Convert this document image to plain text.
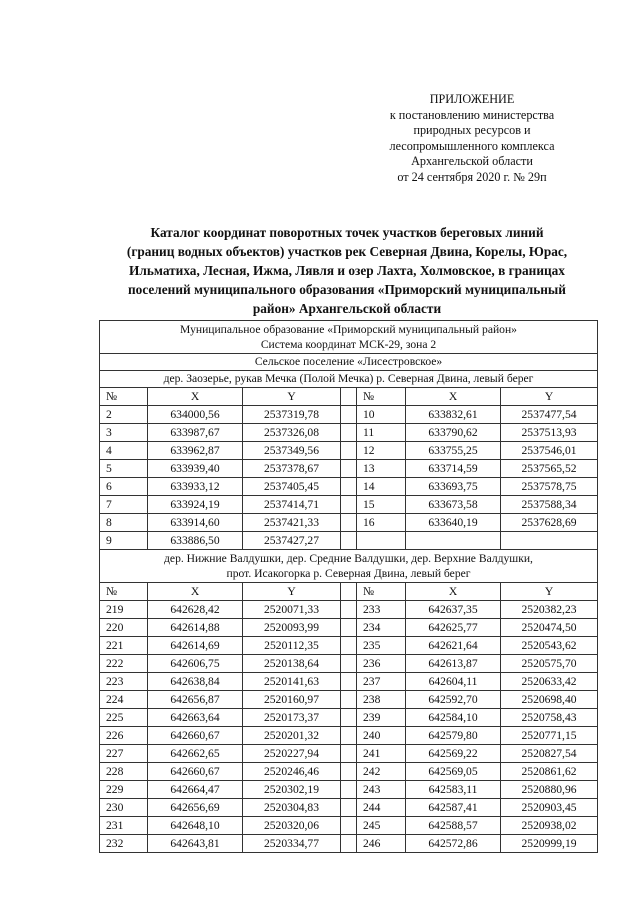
ПРИЛОЖЕНИЕ
к постановлению министерства
природных ресурсов и
лесопромышленного комплекса
Архангельской области
от 24 сентября 2020 г. № 29п
Каталог координат поворотных точек участков береговых линий
(границ водных объектов) участков рек Северная Двина, Корелы, Юрас,
Ильматиха, Лесная, Ижма, Лявля и озер Лахта, Холмовское, в границах
поселений муниципального образования «Приморский муниципальный
район» Архангельской области
Муниципальное образование «Приморский муниципальный район»
Система координат МСК-29, зона 2						

Сельское поселение «Лисестровское»						

дер. Заозерье, рукав Мечка (Полой Мечка) р. Северная Двина, левый берег						

№	X	Y		№	X	Y
2	634000,56	2537319,78		10	633832,61	2537477,54
3	633987,67	2537326,08		11	633790,62	2537513,93
4	633962,87	2537349,56		12	633755,25	2537546,01
5	633939,40	2537378,67		13	633714,59	2537565,52
6	633933,12	2537405,45		14	633693,75	2537578,75
7	633924,19	2537414,71		15	633673,58	2537588,34
8	633914,60	2537421,33		16	633640,19	2537628,69
9	633886,50	2537427,27				

дер. Нижние Валдушки, дер. Средние Валдушки, дер. Верхние Валдушки,
прот. Исакогорка р. Северная Двина, левый берег						

№	X	Y		№	X	Y
219	642628,42	2520071,33		233	642637,35	2520382,23
220	642614,88	2520093,99		234	642625,77	2520474,50
221	642614,69	2520112,35		235	642621,64	2520543,62
222	642606,75	2520138,64		236	642613,87	2520575,70
223	642638,84	2520141,63		237	642604,11	2520633,42
224	642656,87	2520160,97		238	642592,70	2520698,40
225	642663,64	2520173,37		239	642584,10	2520758,43
226	642660,67	2520201,32		240	642579,80	2520771,15
227	642662,65	2520227,94		241	642569,22	2520827,54
228	642660,67	2520246,46		242	642569,05	2520861,62
229	642664,47	2520302,19		243	642583,11	2520880,96
230	642656,69	2520304,83		244	642587,41	2520903,45
231	642648,10	2520320,06		245	642588,57	2520938,02
232	642643,81	2520334,77		246	642572,86	2520999,19
